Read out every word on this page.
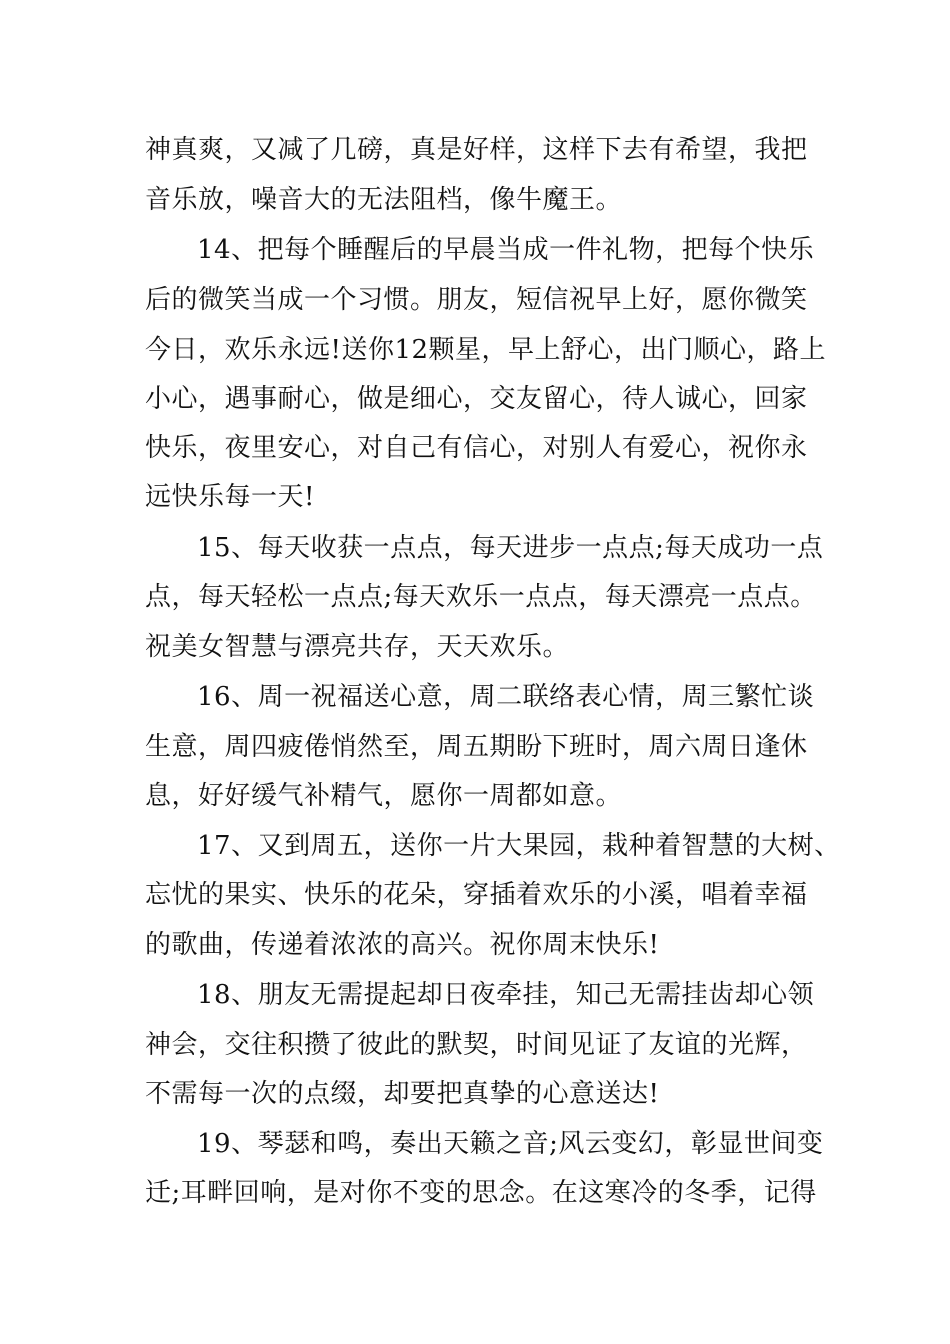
神真爽，又减了几磅，真是好样，这样下去有希望，我把
音乐放，噪音大的无法阻档，像牛魔王。
14、把每个睡醒后的早晨当成一件礼物，把每个快乐
后的微笑当成一个习惯。朋友，短信祝早上好，愿你微笑
今日，欢乐永远!送你12颗星，早上舒心，出门顺心，路上
小心，遇事耐心，做是细心，交友留心，待人诚心，回家
快乐，夜里安心，对自己有信心，对别人有爱心，祝你永
远快乐每一天!
15、每天收获一点点，每天进步一点点;每天成功一点
点，每天轻松一点点;每天欢乐一点点，每天漂亮一点点。
祝美女智慧与漂亮共存，天天欢乐。
16、周一祝福送心意，周二联络表心情，周三繁忙谈
生意，周四疲倦悄然至，周五期盼下班时，周六周日逢休
息，好好缓气补精气，愿你一周都如意。
17、又到周五，送你一片大果园，栽种着智慧的大树、
忘忧的果实、快乐的花朵，穿插着欢乐的小溪，唱着幸福
的歌曲，传递着浓浓的高兴。祝你周末快乐!
18、朋友无需提起却日夜牵挂，知己无需挂齿却心领
神会，交往积攒了彼此的默契，时间见证了友谊的光辉，
不需每一次的点缀，却要把真挚的心意送达!
19、琴瑟和鸣，奏出天籁之音;风云变幻，彰显世间变
迁;耳畔回响，是对你不变的思念。在这寒冷的冬季，记得
